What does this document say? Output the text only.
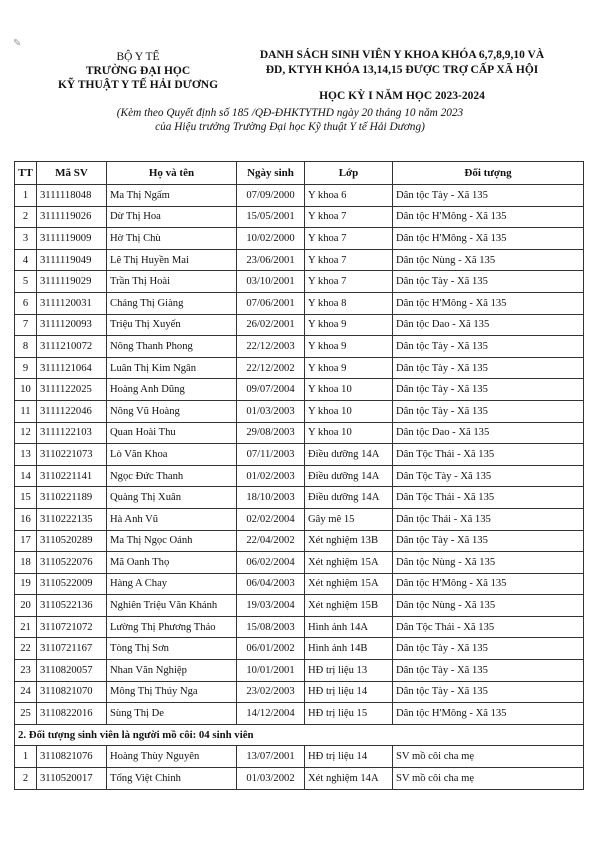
✎
BỘ Y TẾ
TRƯỜNG ĐẠI HỌC
KỸ THUẬT Y TẾ HẢI DƯƠNG
DANH SÁCH SINH VIÊN Y KHOA KHÓA 6,7,8,9,10 VÀ
ĐD, KTYH KHÓA 13,14,15 ĐƯỢC TRỢ CẤP XÃ HỘI
HỌC KỲ I NĂM HỌC 2023-2024
(Kèm theo Quyết định số 185 /QĐ-ĐHKTYTHD ngày 20 tháng 10 năm 2023
của Hiệu trưởng Trường Đại học Kỹ thuật Y tế Hải Dương)
TT	Mã SV	Họ và tên	Ngày sinh	Lớp	Đối tượng
1	3111118048	Ma Thị Ngấm	07/09/2000	Y khoa 6	Dân tộc Tày - Xã 135
2	3111119026	Dừ Thị Hoa	15/05/2001	Y khoa 7	Dân tộc H'Mông - Xã 135
3	3111119009	Hờ Thị Chù	10/02/2000	Y khoa 7	Dân tộc H'Mông - Xã 135
4	3111119049	Lê Thị Huyền Mai	23/06/2001	Y khoa 7	Dân tộc Nùng - Xã 135
5	3111119029	Trần Thị Hoài	03/10/2001	Y khoa 7	Dân tộc Tày - Xã 135
6	3111120031	Cháng Thị Giàng	07/06/2001	Y khoa 8	Dân tộc H'Mông - Xã 135
7	3111120093	Triệu Thị Xuyến	26/02/2001	Y khoa 9	Dân tộc Dao - Xã 135
8	3111210072	Nông Thanh Phong	22/12/2003	Y khoa 9	Dân tộc Tày - Xã 135
9	3111121064	Luân Thị Kim Ngân	22/12/2002	Y khoa 9	Dân tộc Tày - Xã 135
10	3111122025	Hoàng Anh Dũng	09/07/2004	Y khoa 10	Dân tộc Tày - Xã 135
11	3111122046	Nông Vũ Hoàng	01/03/2003	Y khoa 10	Dân tộc Tày - Xã 135
12	3111122103	Quan Hoài Thu	29/08/2003	Y khoa 10	Dân tộc Dao - Xã 135
13	3110221073	Lò Văn Khoa	07/11/2003	Điều dưỡng 14A	Dân Tộc Thái - Xã 135
14	3110221141	Ngọc Đức Thanh	01/02/2003	Điều dưỡng 14A	Dân Tộc Tày - Xã 135
15	3110221189	Quàng Thị Xuân	18/10/2003	Điều dưỡng 14A	Dân Tộc Thái - Xã 135
16	3110222135	Hà Anh Vũ	02/02/2004	Gây mê 15	Dân tộc Thái - Xã 135
17	3110520289	Ma Thị Ngọc Oánh	22/04/2002	Xét nghiệm 13B	Dân tộc Tày - Xã 135
18	3110522076	Mã Oanh Thọ	06/02/2004	Xét nghiệm 15A	Dân tộc Nùng - Xã 135
19	3110522009	Hàng A Chay	06/04/2003	Xét nghiệm 15A	Dân tộc H'Mông - Xã 135
20	3110522136	Nghiên Triệu Văn Khánh	19/03/2004	Xét nghiệm 15B	Dân tộc Nùng - Xã 135
21	3110721072	Lường Thị Phương Thảo	15/08/2003	Hình ảnh 14A	Dân Tộc Thái - Xã 135
22	3110721167	Tòng Thị Sơn	06/01/2002	Hình ảnh 14B	Dân tộc Tày - Xã 135
23	3110820057	Nhan Văn Nghiệp	10/01/2001	HĐ trị liệu 13	Dân tộc Tày - Xã 135
24	3110821070	Mông Thị Thúy Nga	23/02/2003	HĐ trị liệu 14	Dân tộc Tày - Xã 135
25	3110822016	Sùng Thị De	14/12/2004	HĐ trị liệu 15	Dân tộc H'Mông - Xã 135
2. Đối tượng sinh viên là người mồ côi: 04 sinh viên					
1	3110821076	Hoàng Thùy Nguyên	13/07/2001	HĐ trị liệu 14	SV mồ côi cha mẹ
2	3110520017	Tống Việt Chinh	01/03/2002	Xét nghiệm 14A	SV mồ côi cha mẹ
